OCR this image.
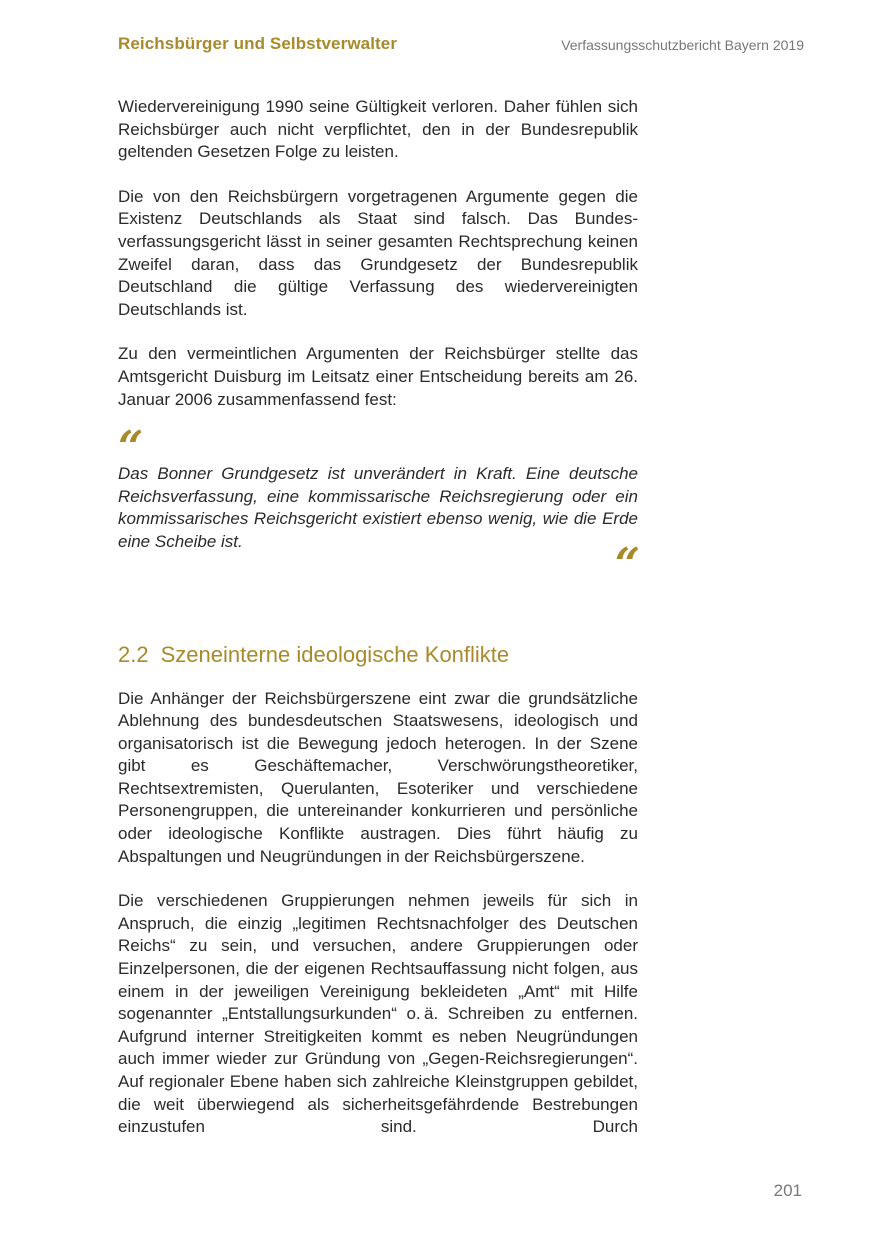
Reichsbürger und Selbstverwalter	Verfassungsschutzbericht Bayern 2019

Wiedervereinigung 1990 seine Gültigkeit verloren. Daher fühlen sich Reichsbürger auch nicht verpflichtet, den in der Bundesrepublik geltenden Gesetzen Folge zu leisten.

Die von den Reichsbürgern vorgetragenen Argumente gegen die Existenz Deutschlands als Staat sind falsch. Das Bundesverfassungsgericht lässt in seiner gesamten Rechtsprechung keinen Zweifel daran, dass das Grundgesetz der Bundesrepublik Deutschland die gültige Verfassung des wiedervereinigten Deutschlands ist.

Zu den vermeintlichen Argumenten der Reichsbürger stellte das Amtsgericht Duisburg im Leitsatz einer Entscheidung bereits am 26. Januar 2006 zusammenfassend fest:

“

Das Bonner Grundgesetz ist unverändert in Kraft. Eine deutsche Reichsverfassung, eine kommissarische Reichsregierung oder ein kommissarisches Reichsgericht existiert ebenso wenig, wie die Erde eine Scheibe ist.	“
2.2 Szeneinterne ideologische Konflikte

Die Anhänger der Reichsbürgerszene eint zwar die grundsätzliche Ablehnung des bundesdeutschen Staatswesens, ideologisch und organisatorisch ist die Bewegung jedoch heterogen. In der Szene gibt es Geschäftemacher, Verschwörungstheoretiker, Rechtsextremisten, Querulanten, Esoteriker und verschiedene Personengruppen, die untereinander konkurrieren und persönliche oder ideologische Konflikte austragen. Dies führt häufig zu Abspaltungen und Neugründungen in der Reichsbürgerszene.

Die verschiedenen Gruppierungen nehmen jeweils für sich in Anspruch, die einzig „legitimen Rechtsnachfolger des Deutschen Reichs“ zu sein, und versuchen, andere Gruppierungen oder Einzelpersonen, die der eigenen Rechtsauffassung nicht folgen, aus einem in der jeweiligen Vereinigung bekleideten „Amt“ mit Hilfe sogenannter „Entstallungsurkunden“ o. ä. Schreiben zu entfernen. Aufgrund interner Streitigkeiten kommt es neben Neugründungen auch immer wieder zur Gründung von „Gegen-Reichsregierungen“. Auf regionaler Ebene haben sich zahlreiche Kleinstgruppen gebildet, die weit überwiegend als sicherheitsgefährdende Bestrebungen einzustufen sind. Durch

201
